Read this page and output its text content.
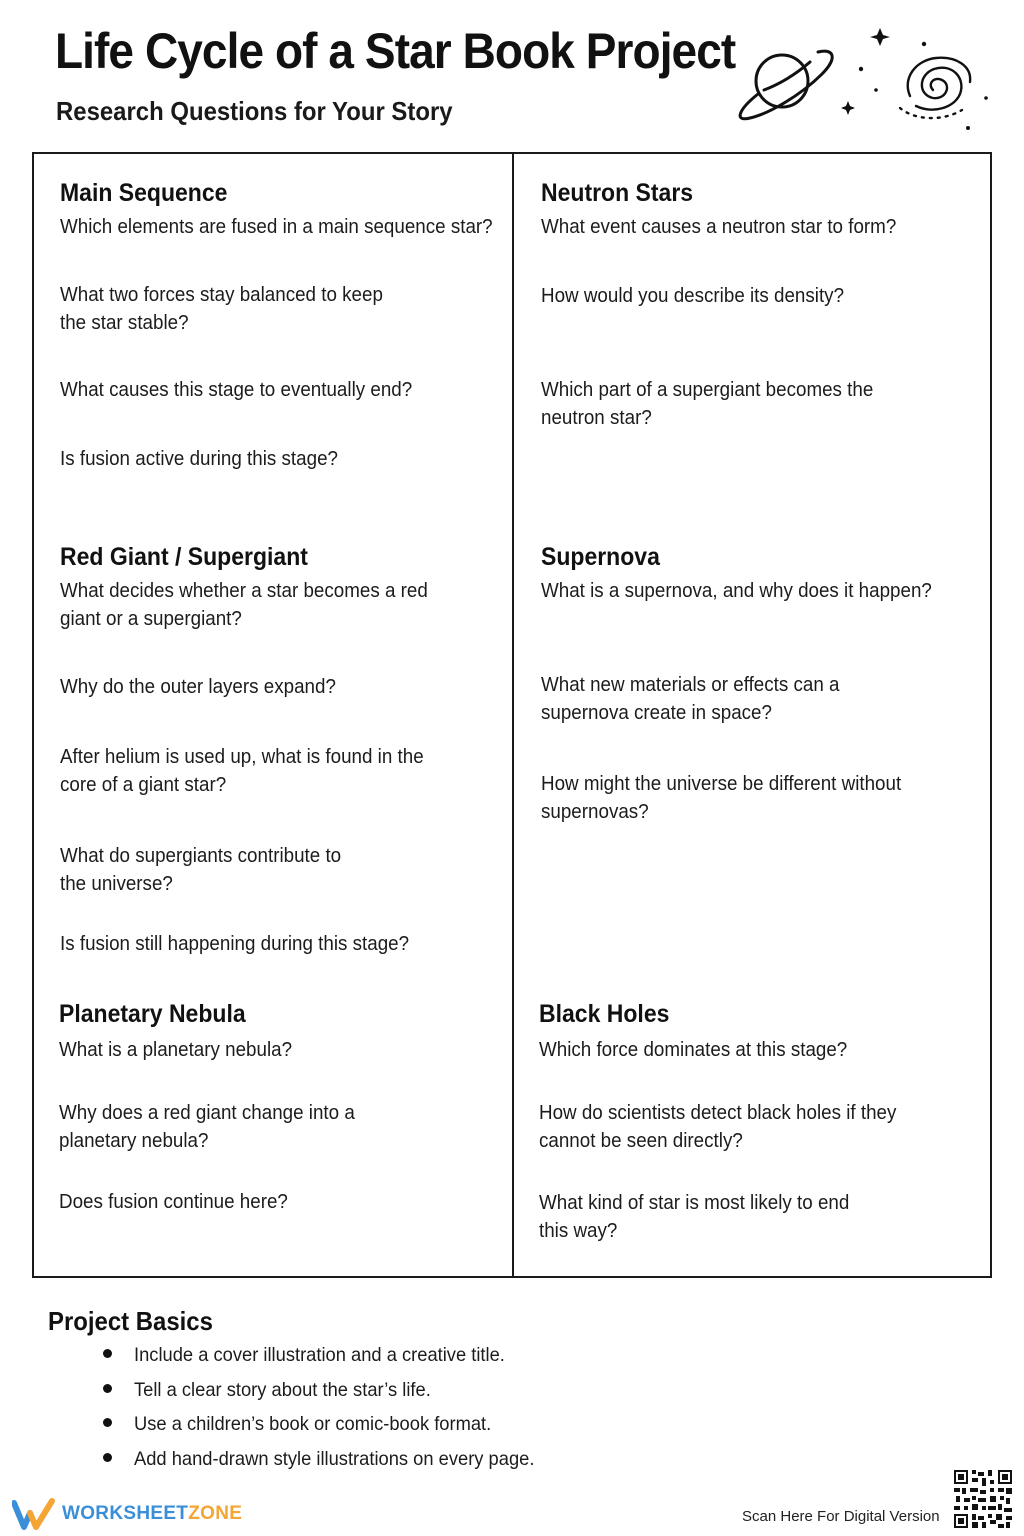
Life Cycle of a Star Book Project
Research Questions for Your Story
Main Sequence

Which elements are fused in a main sequence star?

What two forces stay balanced to keep
the star stable?

What causes this stage to eventually end?

Is fusion active during this stage?

Neutron Stars

What event causes a neutron star to form?

How would you describe its density?

Which part of a supergiant becomes the
neutron star?

Red Giant / Supergiant

What decides whether a star becomes a red
giant or a supergiant?

Why do the outer layers expand?

After helium is used up, what is found in the
core of a giant star?

What do supergiants contribute to
the universe?

Is fusion still happening during this stage?

Supernova

What is a supernova, and why does it happen?

What new materials or effects can a
supernova create in space?

How might the universe be different without
supernovas?

Planetary Nebula

What is a planetary nebula?

Why does a red giant change into a
planetary nebula?

Does fusion continue here?

Black Holes

Which force dominates at this stage?

How do scientists detect black holes if they
cannot be seen directly?

What kind of star is most likely to end
this way?

Project Basics
Include a cover illustration and a creative title.
Tell a clear story about the star’s life.
Use a children’s book or comic-book format.
Add hand-drawn style illustrations on every page.
WORKSHEETZONE	Scan Here For Digital Version
